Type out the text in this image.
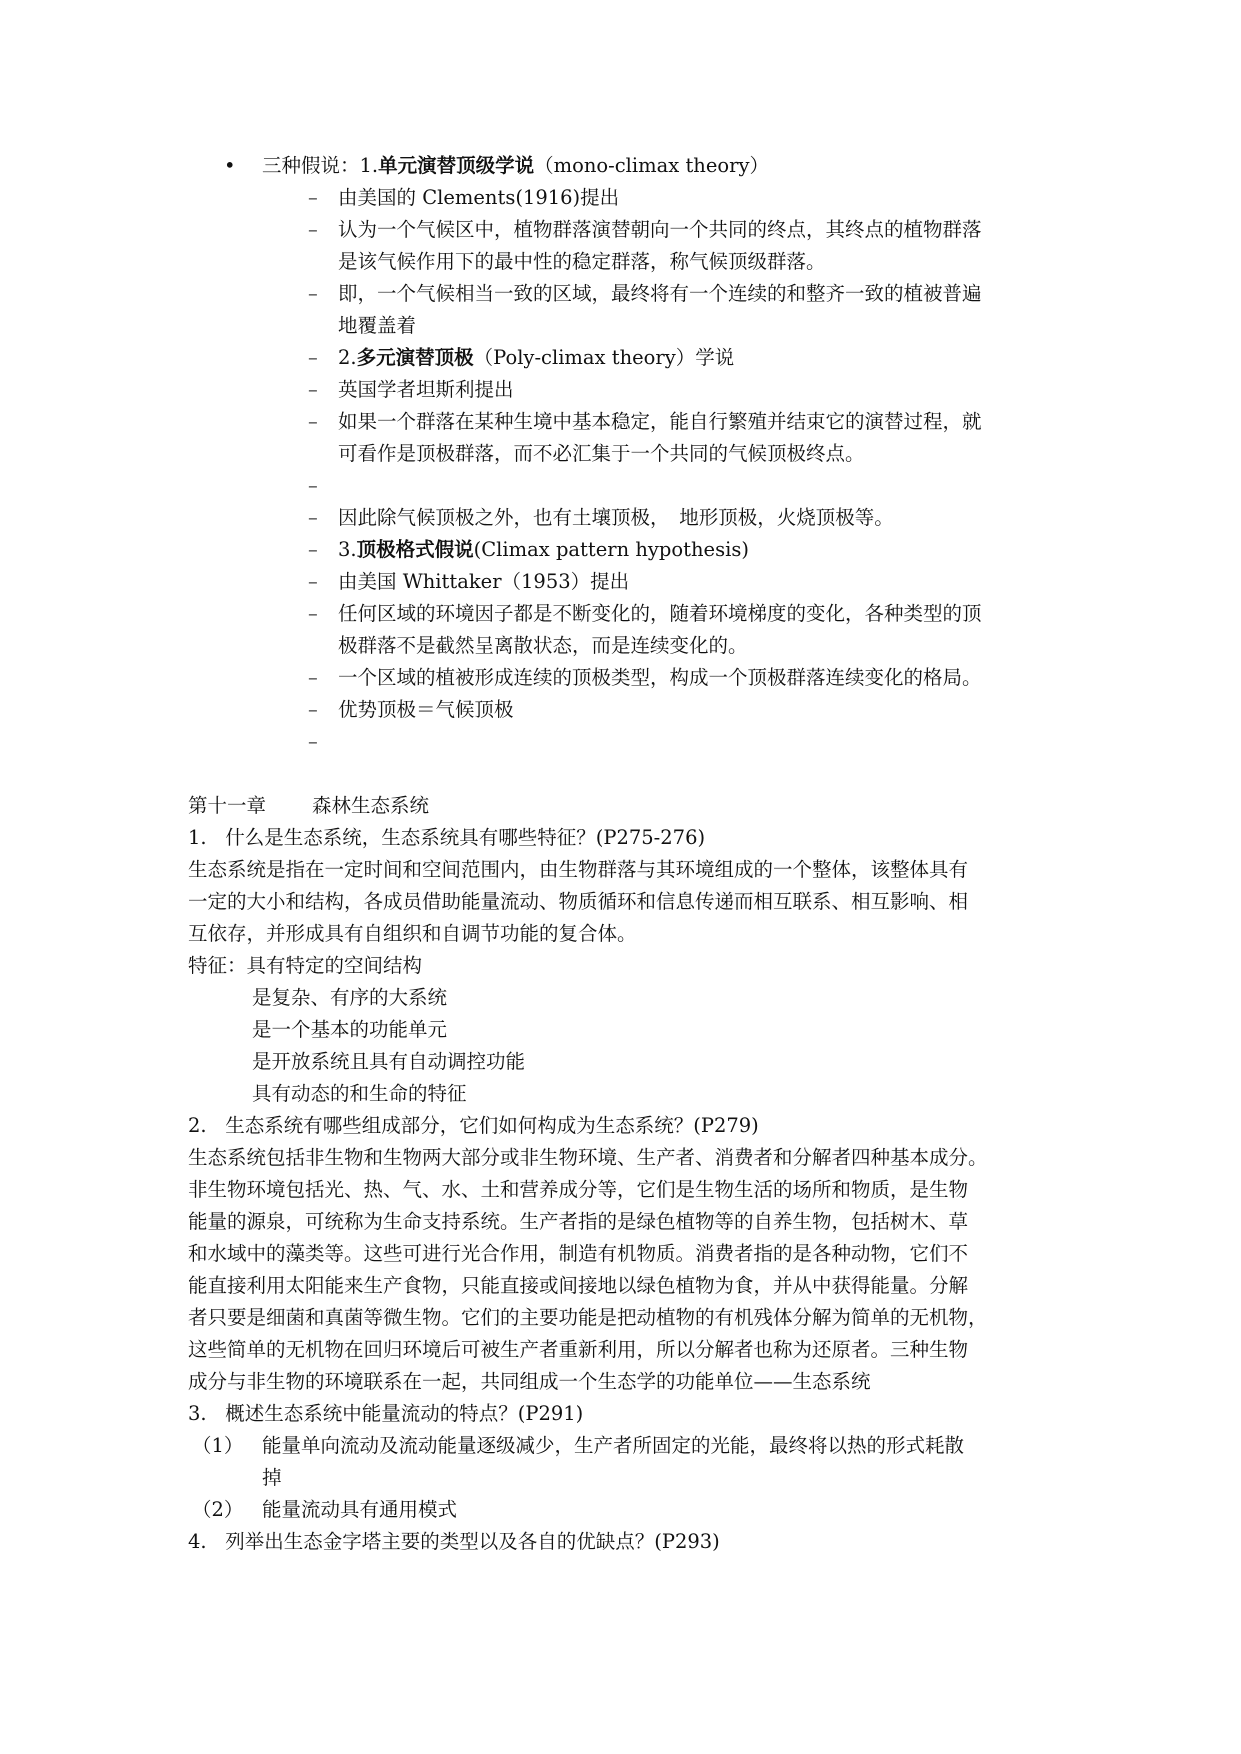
• 三种假说：1.单元演替顶级学说（mono-climax theory）
– 由美国的 Clements(1916)提出
– 认为一个气候区中，植物群落演替朝向一个共同的终点，其终点的植物群落
是该气候作用下的最中性的稳定群落，称气候顶级群落。
– 即，一个气候相当一致的区域，最终将有一个连续的和整齐一致的植被普遍
地覆盖着
– 2.多元演替顶极（Poly-climax theory）学说
– 英国学者坦斯利提出
– 如果一个群落在某种生境中基本稳定，能自行繁殖并结束它的演替过程，就
可看作是顶极群落，而不必汇集于一个共同的气候顶极终点。
–
– 因此除气候顶极之外，也有土壤顶极，　地形顶极，火烧顶极等。
– 3.顶极格式假说(Climax pattern hypothesis)
– 由美国 Whittaker（1953）提出
– 任何区域的环境因子都是不断变化的，随着环境梯度的变化，各种类型的顶
极群落不是截然呈离散状态，而是连续变化的。
– 一个区域的植被形成连续的顶极类型，构成一个顶极群落连续变化的格局。
– 优势顶极＝气候顶极
–
第十一章 森林生态系统
1. 什么是生态系统，生态系统具有哪些特征？(P275-276)
生态系统是指在一定时间和空间范围内，由生物群落与其环境组成的一个整体，该整体具有
一定的大小和结构，各成员借助能量流动、物质循环和信息传递而相互联系、相互影响、相
互依存，并形成具有自组织和自调节功能的复合体。
特征：具有特定的空间结构
是复杂、有序的大系统
是一个基本的功能单元
是开放系统且具有自动调控功能
具有动态的和生命的特征
2. 生态系统有哪些组成部分，它们如何构成为生态系统？(P279)
生态系统包括非生物和生物两大部分或非生物环境、生产者、消费者和分解者四种基本成分。
非生物环境包括光、热、气、水、土和营养成分等，它们是生物生活的场所和物质，是生物
能量的源泉，可统称为生命支持系统。生产者指的是绿色植物等的自养生物，包括树木、草
和水域中的藻类等。这些可进行光合作用，制造有机物质。消费者指的是各种动物，它们不
能直接利用太阳能来生产食物，只能直接或间接地以绿色植物为食，并从中获得能量。分解
者只要是细菌和真菌等微生物。它们的主要功能是把动植物的有机残体分解为简单的无机物，
这些简单的无机物在回归环境后可被生产者重新利用，所以分解者也称为还原者。三种生物
成分与非生物的环境联系在一起，共同组成一个生态学的功能单位——生态系统
3. 概述生态系统中能量流动的特点？(P291)
（1） 能量单向流动及流动能量逐级减少，生产者所固定的光能，最终将以热的形式耗散
掉
（2） 能量流动具有通用模式
4. 列举出生态金字塔主要的类型以及各自的优缺点？(P293)
